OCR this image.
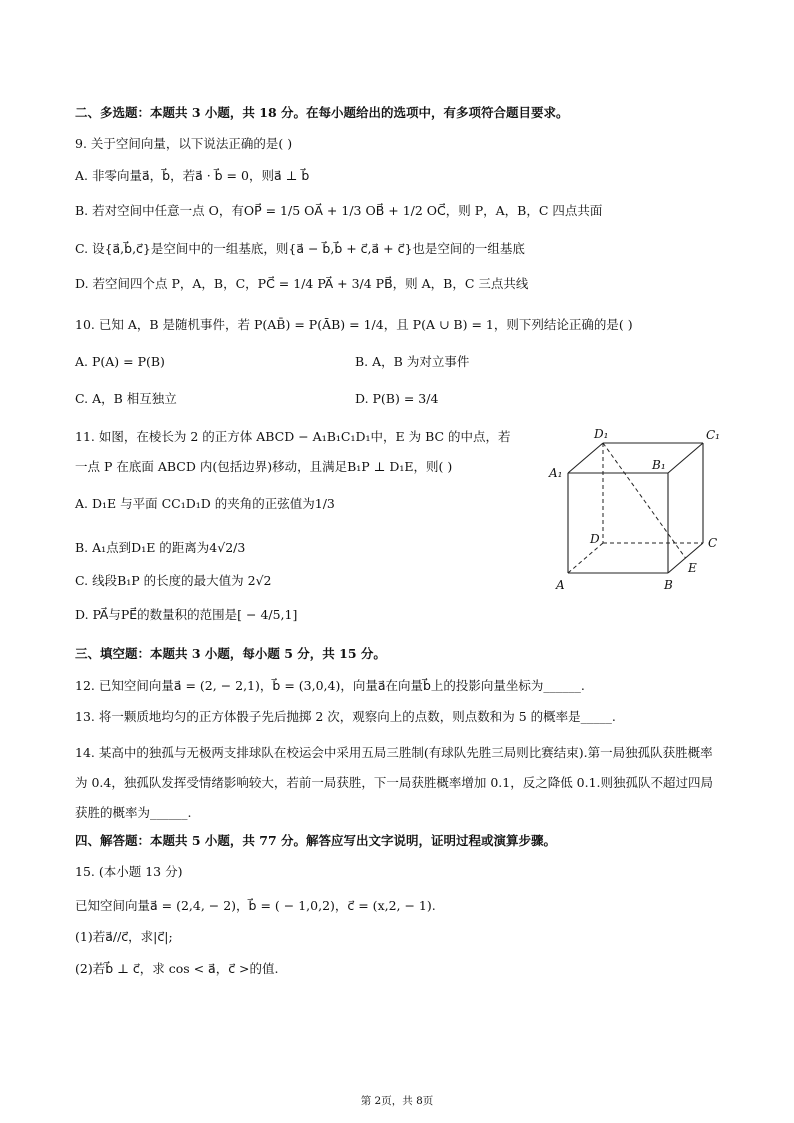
二、多选题：本题共 3 小题，共 18 分。在每小题给出的选项中，有多项符合题目要求。
9. 关于空间向量，以下说法正确的是( )
A. 非零向量a⃗，b⃗，若a⃗ · b⃗ = 0，则a⃗ ⊥ b⃗
B. 若对空间中任意一点 O，有OP⃗ = 1/5 OA⃗ + 1/3 OB⃗ + 1/2 OC⃗，则 P，A，B，C 四点共面
C. 设{a⃗,b⃗,c⃗}是空间中的一组基底，则{a⃗ − b⃗,b⃗ + c⃗,a⃗ + c⃗}也是空间的一组基底
D. 若空间四个点 P，A，B，C，PC⃗ = 1/4 PA⃗ + 3/4 PB⃗，则 A，B，C 三点共线
10. 已知 A，B 是随机事件，若 P(AB̄) = P(ĀB) = 1/4，且 P(A ∪ B) = 1，则下列结论正确的是( )
A. P(A) = P(B)	B. A，B 为对立事件
C. A，B 相互独立	D. P(B) = 3/4
11. 如图，在棱长为 2 的正方体 ABCD − A₁B₁C₁D₁中，E 为 BC 的中点，若
一点 P 在底面 ABCD 内(包括边界)移动，且满足B₁P ⊥ D₁E，则( )
A. D₁E 与平面 CC₁D₁D 的夹角的正弦值为1/3
B. A₁点到D₁E 的距离为4√2/3
C. 线段B₁P 的长度的最大值为 2√2
D. PA⃗与PE⃗的数量积的范围是[ − 4/5,1]
D₁	C₁
A₁
B₁
D	C
E
A	B
三、填空题：本题共 3 小题，每小题 5 分，共 15 分。
12. 已知空间向量a⃗ = (2, − 2,1)，b⃗ = (3,0,4)，向量a⃗在向量b⃗上的投影向量坐标为______.
13. 将一颗质地均匀的正方体骰子先后抛掷 2 次，观察向上的点数，则点数和为 5 的概率是_____.
14. 某高中的独孤与无极两支排球队在校运会中采用五局三胜制(有球队先胜三局则比赛结束).第一局独孤队获胜概率为 0.4，独孤队发挥受情绪影响较大，若前一局获胜，下一局获胜概率增加 0.1，反之降低 0.1.则独孤队不超过四局获胜的概率为______.
四、解答题：本题共 5 小题，共 77 分。解答应写出文字说明，证明过程或演算步骤。
15. (本小题 13 分)
已知空间向量a⃗ = (2,4, − 2)，b⃗ = ( − 1,0,2)，c⃗ = (x,2, − 1).
(1)若a⃗//c⃗，求|c⃗|;
(2)若b⃗ ⊥ c⃗，求 cos < a⃗，c⃗ >的值.
第 2页，共 8页
